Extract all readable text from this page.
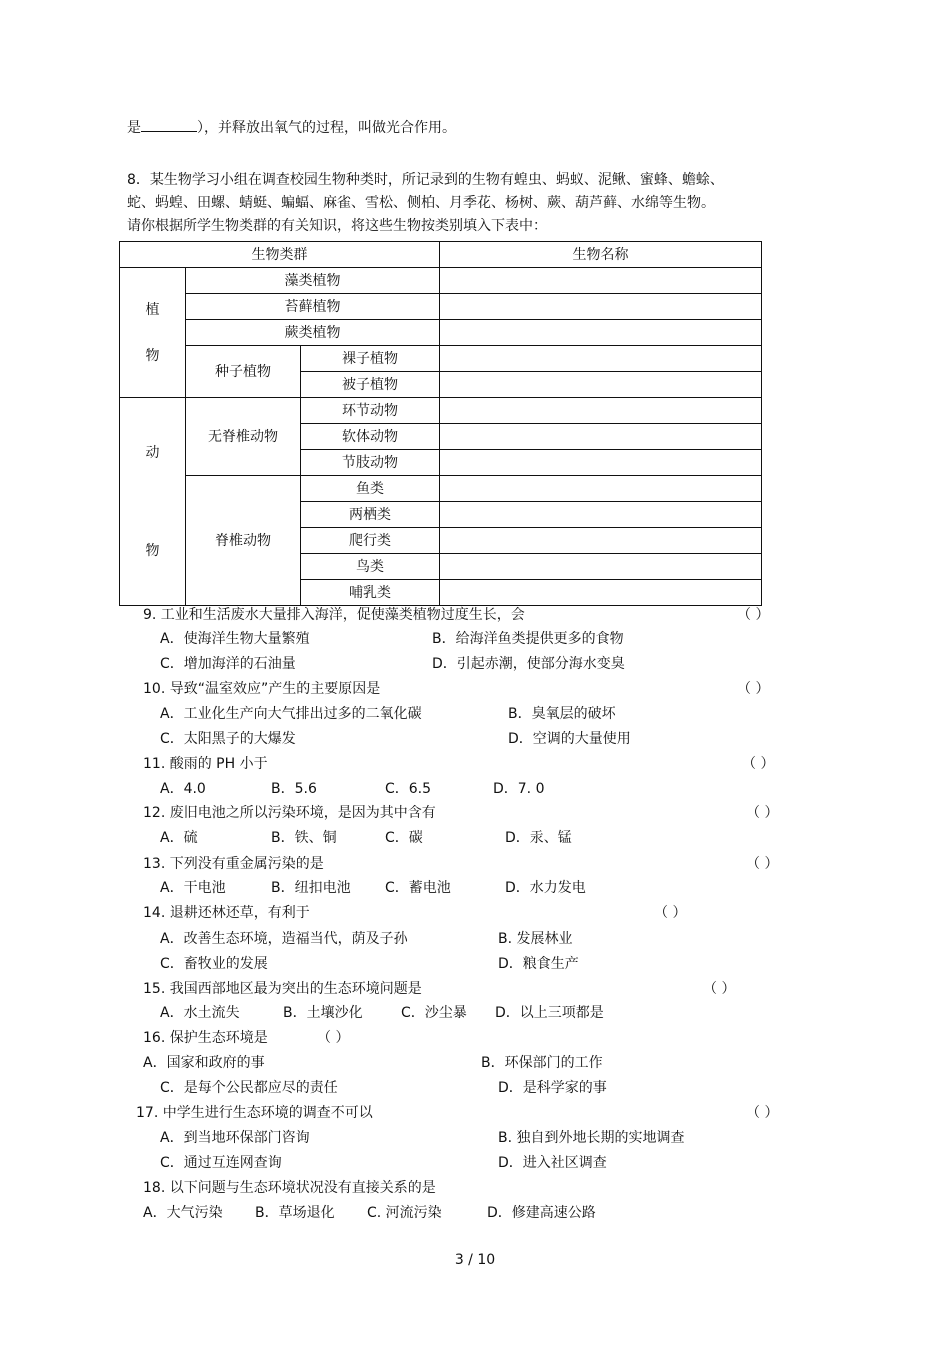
是	），并释放出氧气的过程，叫做光合作用。
8．某生物学习小组在调查校园生物种类时，所记录到的生物有蝗虫、蚂蚁、泥鳅、蜜蜂、蟾蜍、
蛇、蚂蝗、田螺、蜻蜓、蝙蝠、麻雀、雪松、侧柏、月季花、杨树、蕨、葫芦藓、水绵等生物。
请你根据所学生物类群的有关知识，将这些生物按类别填入下表中：
生物类群			生物名称

植
物	藻类植物		
	苔藓植物		
	蕨类植物		
	种子植物	裸子植物	
		被子植物	

动
物	无脊椎动物	环节动物	
		软体动物	
		节肢动物	
	脊椎动物	鱼类	
		两栖类	
		爬行类	
		鸟类	
		哺乳类	
9. 工业和生活废水大量排入海洋，促使藻类植物过度生长，会	（ ）
A．使海洋生物大量繁殖	B．给海洋鱼类提供更多的食物
C．增加海洋的石油量	D．引起赤潮，使部分海水变臭
10. 导致“温室效应”产生的主要原因是	（ ）
A．工业化生产向大气排出过多的二氧化碳	B．臭氧层的破坏
C．太阳黑子的大爆发	D．空调的大量使用
11. 酸雨的 PH 小于	（ ）
A．4.0	B．5.6	C．6.5	D．7. 0
12. 废旧电池之所以污染环境，是因为其中含有	（ ）
A．硫	B．铁、铜	C．碳	D．汞、锰
13. 下列没有重金属污染的是	（ ）
A．干电池	B．纽扣电池 C．蓄电池	D．水力发电
14. 退耕还林还草，有利于	（ ）
A．改善生态环境，造福当代，荫及子孙	B. 发展林业
C．畜牧业的发展	D．粮食生产
15. 我国西部地区最为突出的生态环境问题是	（ ）
A．水土流失	B．土壤沙化	C．沙尘暴 D．以上三项都是
16. 保护生态环境是	（ ）
A．国家和政府的事	B．环保部门的工作
C．是每个公民都应尽的责任	D．是科学家的事
17. 中学生进行生态环境的调查不可以	（ ）
A．到当地环保部门咨询	B. 独自到外地长期的实地调查
C．通过互连网查询	D．进入社区调查
18. 以下问题与生态环境状况没有直接关系的是
A．大气污染 B．草场退化 C. 河流污染	D．修建高速公路
3 / 10
